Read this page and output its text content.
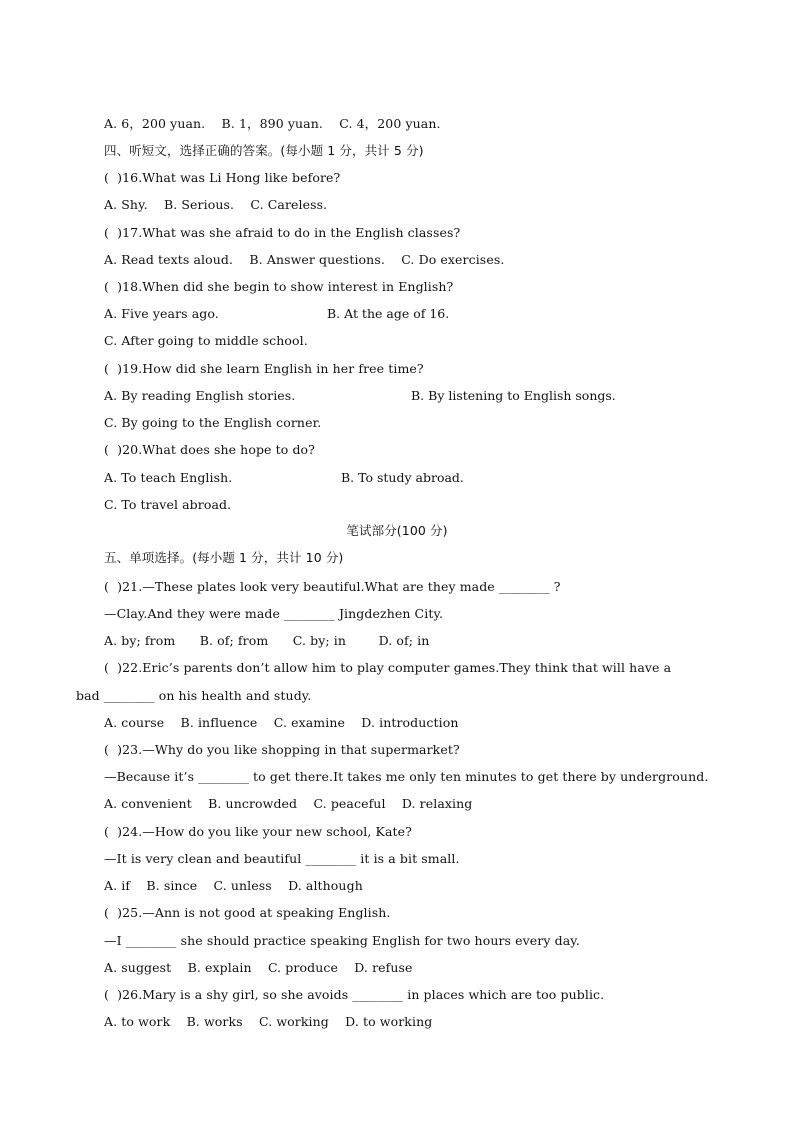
A. 6，200 yuan.    B. 1，890 yuan.    C. 4，200 yuan.
四、听短文，选择正确的答案。(每小题 1 分，共计 5 分)
(  )16.What was Li Hong like before?
A. Shy.    B. Serious.    C. Careless.
(  )17.What was she afraid to do in the English classes?
A. Read texts aloud.    B. Answer questions.    C. Do exercises.
(  )18.When did she begin to show interest in English?
A. Five years ago.	B. At the age of 16.
C. After going to middle school.
(  )19.How did she learn English in her free time?
A. By reading English stories.	B. By listening to English songs.
C. By going to the English corner.
(  )20.What does she hope to do?
A. To teach English.	B. To study abroad.
C. To travel abroad.
笔试部分(100 分)
五、单项选择。(每小题 1 分，共计 10 分)
(  )21.—These plates look very beautiful.What are they made ________ ?
—Clay.And they were made ________ Jingdezhen City.
A. by; from      B. of; from      C. by; in        D. of; in
(  )22.Eric’s parents don’t allow him to play computer games.They think that will have a
bad ________ on his health and study.
A. course    B. influence    C. examine    D. introduction
(  )23.—Why do you like shopping in that supermarket?
—Because it’s ________ to get there.It takes me only ten minutes to get there by underground.
A. convenient    B. uncrowded    C. peaceful    D. relaxing
(  )24.—How do you like your new school, Kate?
—It is very clean and beautiful ________ it is a bit small.
A. if    B. since    C. unless    D. although
(  )25.—Ann is not good at speaking English.
—I ________ she should practice speaking English for two hours every day.
A. suggest    B. explain    C. produce    D. refuse
(  )26.Mary is a shy girl, so she avoids ________ in places which are too public.
A. to work    B. works    C. working    D. to working
